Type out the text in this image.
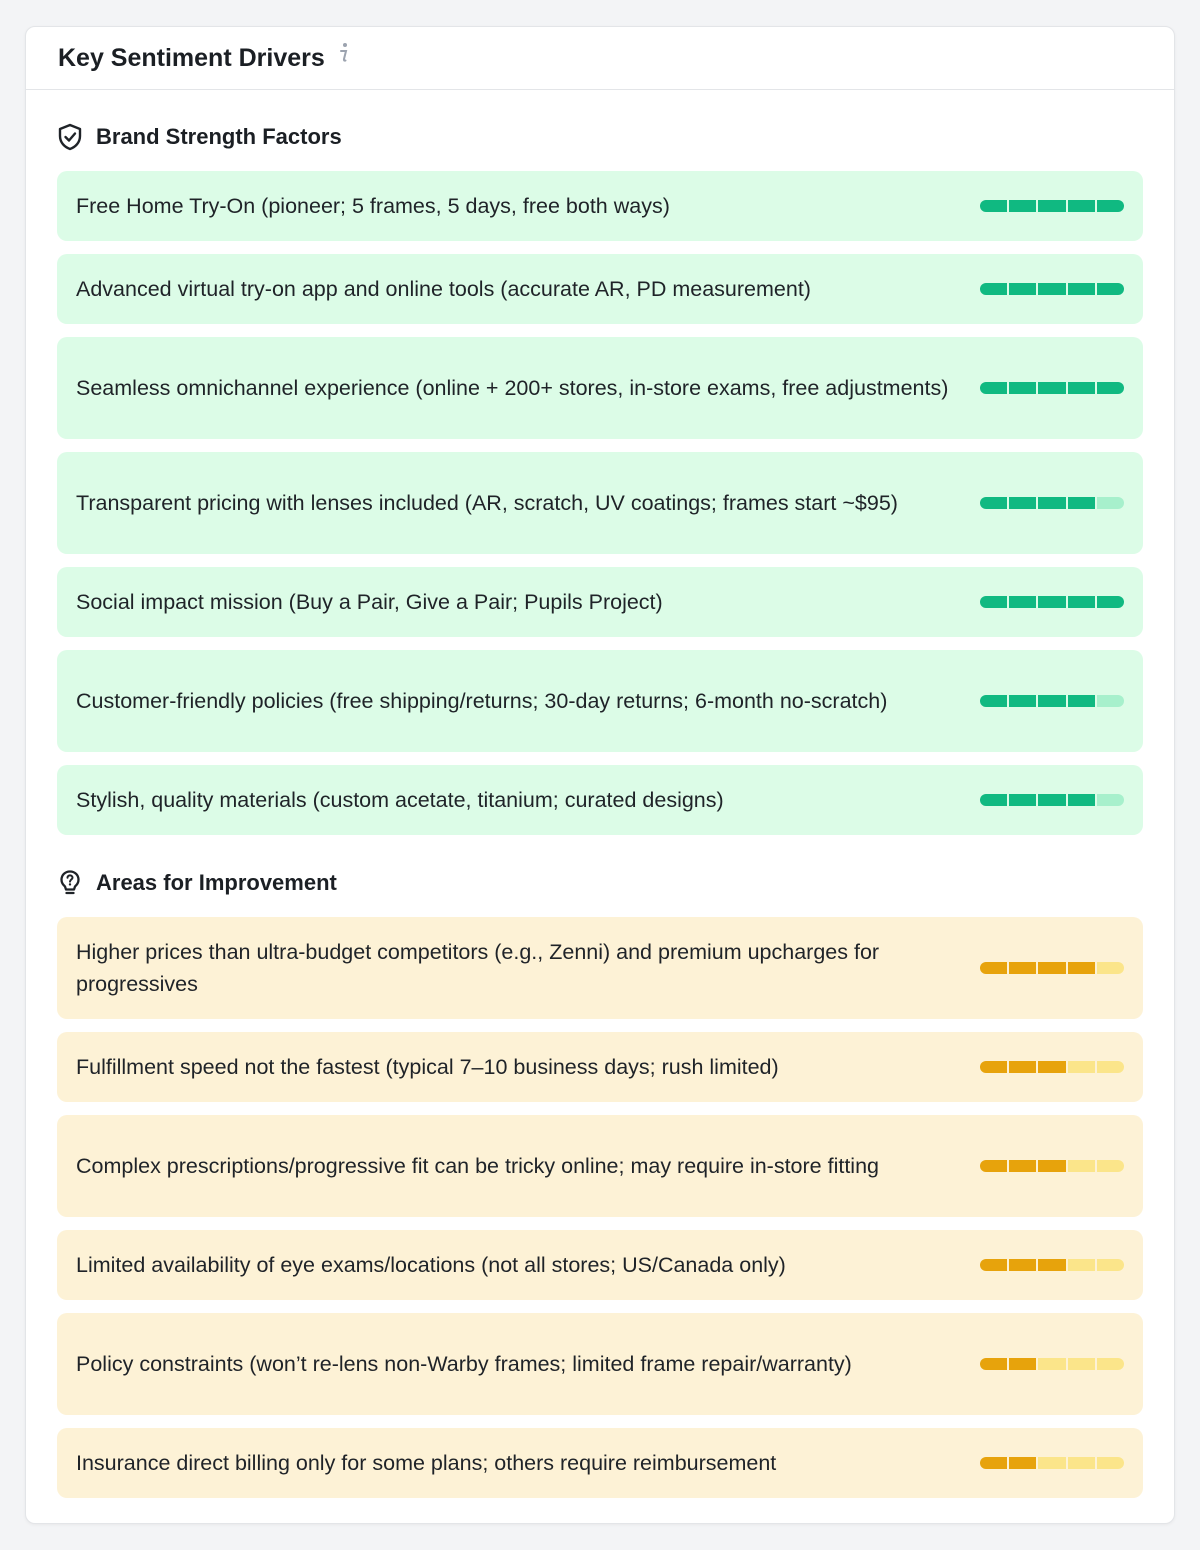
Key Sentiment Drivers
Brand Strength Factors
Free Home Try-On (pioneer; 5 frames, 5 days, free both ways)
Advanced virtual try-on app and online tools (accurate AR, PD measurement)
Seamless omnichannel experience (online + 200+ stores, in-store exams, free adjustments)
Transparent pricing with lenses included (AR, scratch, UV coatings; frames start ~$95)
Social impact mission (Buy a Pair, Give a Pair; Pupils Project)
Customer-friendly policies (free shipping/returns; 30-day returns; 6-month no-scratch)
Stylish, quality materials (custom acetate, titanium; curated designs)
Areas for Improvement
Higher prices than ultra-budget competitors (e.g., Zenni) and premium upcharges for progressives
Fulfillment speed not the fastest (typical 7–10 business days; rush limited)
Complex prescriptions/progressive fit can be tricky online; may require in-store fitting
Limited availability of eye exams/locations (not all stores; US/Canada only)
Policy constraints (won’t re-lens non-Warby frames; limited frame repair/warranty)
Insurance direct billing only for some plans; others require reimbursement
